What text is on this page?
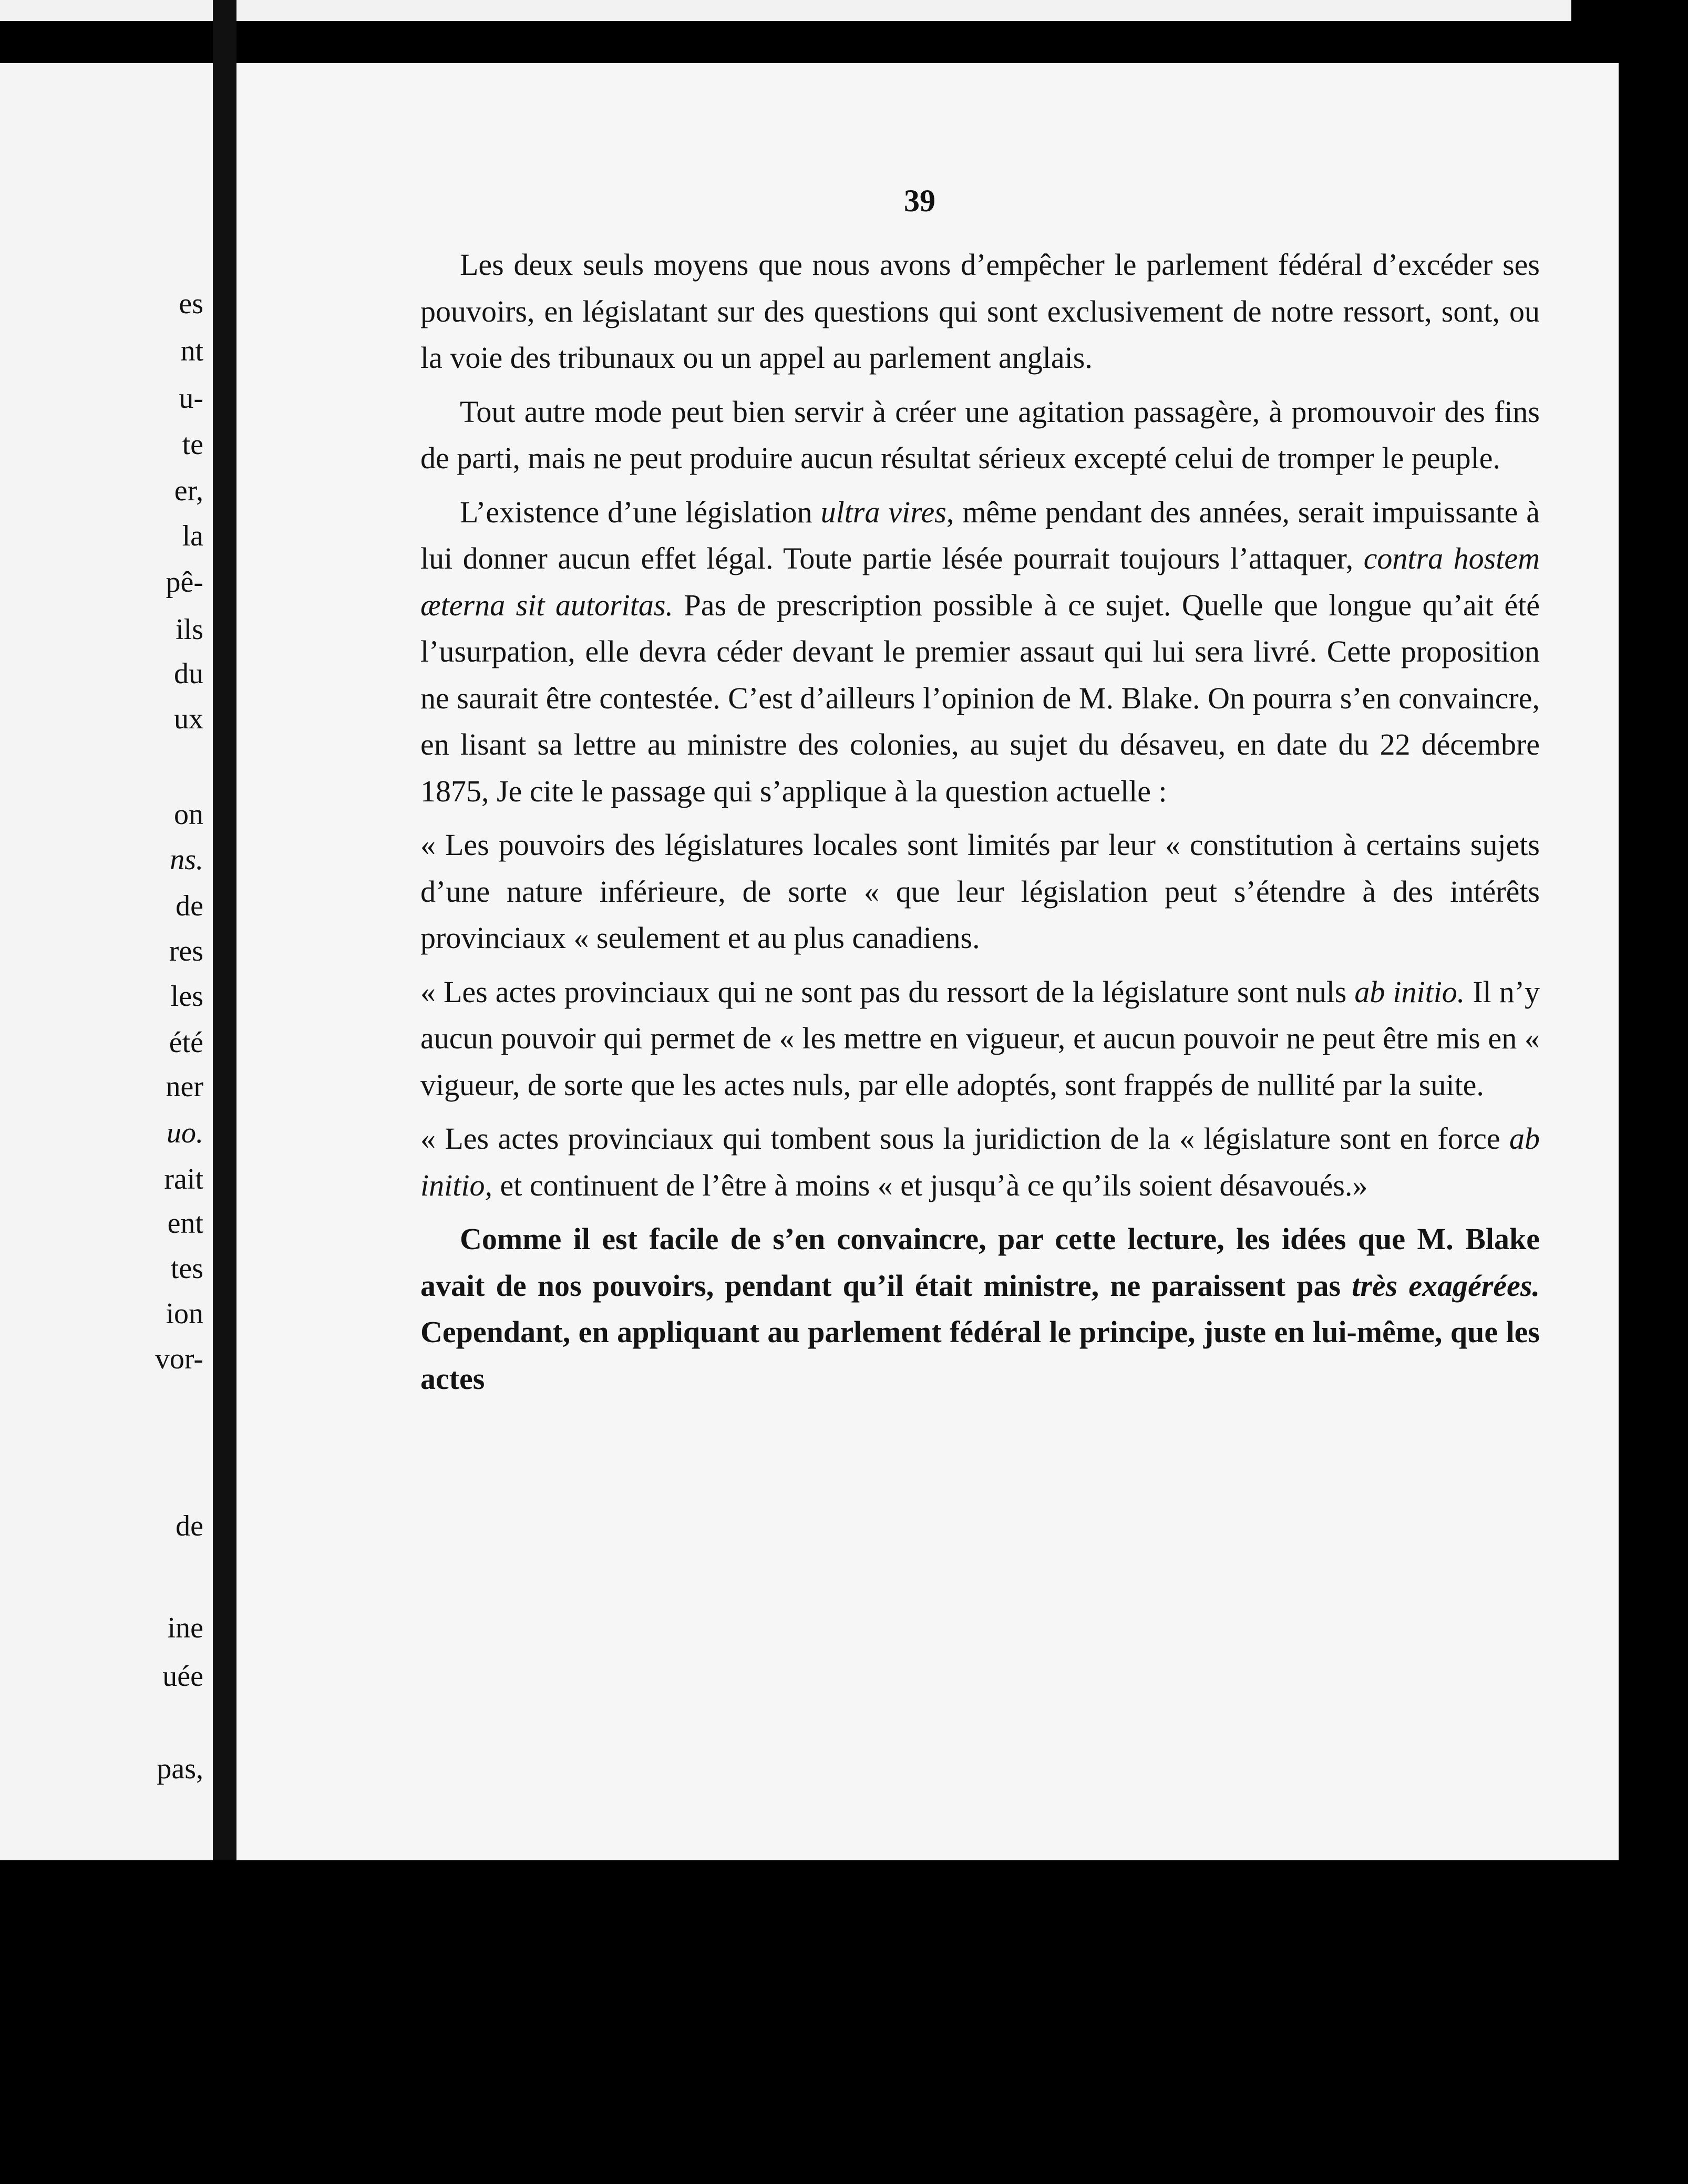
es
nt
u-
te
er,
la
pê-
ils
du
ux
on
ns.
de
res
les
été
ner
uo.
rait
ent
tes
ion
vor-
de
ine
uée
pas,
39

Les deux seuls moyens que nous avons d’empêcher le parlement fédéral d’excéder ses pouvoirs, en législatant sur des questions qui sont exclusivement de notre ressort, sont, ou la voie des tribunaux ou un appel au parlement anglais.

Tout autre mode peut bien servir à créer une agitation passagère, à promouvoir des fins de parti, mais ne peut produire aucun résultat sérieux excepté celui de tromper le peuple.

L’existence d’une législation ultra vires, même pendant des années, serait impuissante à lui donner aucun effet légal. Toute partie lésée pourrait toujours l’attaquer, contra hostem æterna sit autoritas. Pas de prescription possible à ce sujet. Quelle que longue qu’ait été l’usurpation, elle devra céder devant le premier assaut qui lui sera livré. Cette proposition ne saurait être contestée. C’est d’ailleurs l’opinion de M. Blake. On pourra s’en convaincre, en lisant sa lettre au ministre des colonies, au sujet du désaveu, en date du 22 décembre 1875, Je cite le passage qui s’applique à la question actuelle :

« Les pouvoirs des législatures locales sont limités par leur « constitution à certains sujets d’une nature inférieure, de sorte « que leur législation peut s’étendre à des intérêts provinciaux « seulement et au plus canadiens.

« Les actes provinciaux qui ne sont pas du ressort de la législature sont nuls ab initio. Il n’y aucun pouvoir qui permet de « les mettre en vigueur, et aucun pouvoir ne peut être mis en « vigueur, de sorte que les actes nuls, par elle adoptés, sont frappés de nullité par la suite.

« Les actes provinciaux qui tombent sous la juridiction de la « législature sont en force ab initio, et continuent de l’être à moins « et jusqu’à ce qu’ils soient désavoués.»

Comme il est facile de s’en convaincre, par cette lecture, les idées que M. Blake avait de nos pouvoirs, pendant qu’il était ministre, ne paraissent pas très exagérées. Cependant, en appliquant au parlement fédéral le principe, juste en lui-même, que les actes
